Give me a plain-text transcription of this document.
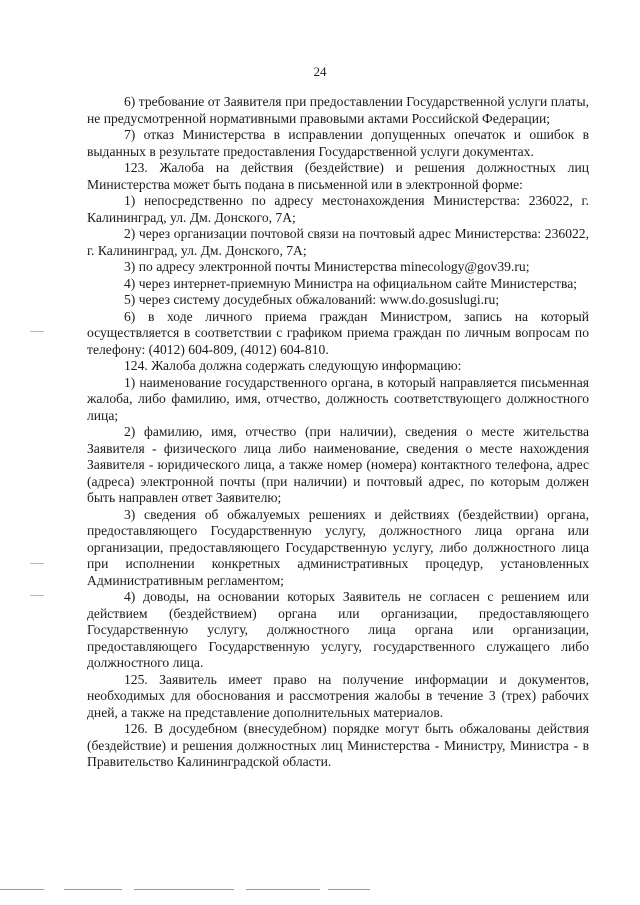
24

6) требование от Заявителя при предоставлении Государственной услуги платы, не предусмотренной нормативными правовыми актами Российской Федерации;

7) отказ Министерства в исправлении допущенных опечаток и ошибок в выданных в результате предоставления Государственной услуги документах.

123. Жалоба на действия (бездействие) и решения должностных лиц Министерства может быть подана в письменной или в электронной форме:

1) непосредственно по адресу местонахождения Министерства: 236022, г. Калининград, ул. Дм. Донского, 7А;

2) через организации почтовой связи на почтовый адрес Министерства: 236022, г. Калининград, ул. Дм. Донского, 7А;

3) по адресу электронной почты Министерства minecology@gov39.ru;

4) через интернет-приемную Министра на официальном сайте Министерства;

5) через систему досудебных обжалований: www.do.gosuslugi.ru;

6) в ходе личного приема граждан Министром, запись на который осуществляется в соответствии с графиком приема граждан по личным вопросам по телефону: (4012) 604-809, (4012) 604-810.

124. Жалоба должна содержать следующую информацию:

1) наименование государственного органа, в который направляется письменная жалоба, либо фамилию, имя, отчество, должность соответствующего должностного лица;

2) фамилию, имя, отчество (при наличии), сведения о месте жительства Заявителя - физического лица либо наименование, сведения о месте нахождения Заявителя - юридического лица, а также номер (номера) контактного телефона, адрес (адреса) электронной почты (при наличии) и почтовый адрес, по которым должен быть направлен ответ Заявителю;

3) сведения об обжалуемых решениях и действиях (бездействии) органа, предоставляющего Государственную услугу, должностного лица органа или организации, предоставляющего Государственную услугу, либо должностного лица при исполнении конкретных административных процедур, установленных Административным регламентом;

4) доводы, на основании которых Заявитель не согласен с решением или действием (бездействием) органа или организации, предоставляющего Государственную услугу, должностного лица органа или организации, предоставляющего Государственную услугу, государственного служащего либо должностного лица.

125. Заявитель имеет право на получение информации и документов, необходимых для обоснования и рассмотрения жалобы в течение 3 (трех) рабочих дней, а также на представление дополнительных материалов.

126. В досудебном (внесудебном) порядке могут быть обжалованы действия (бездействие) и решения должностных лиц Министерства - Министру, Министра - в Правительство Калининградской области.
